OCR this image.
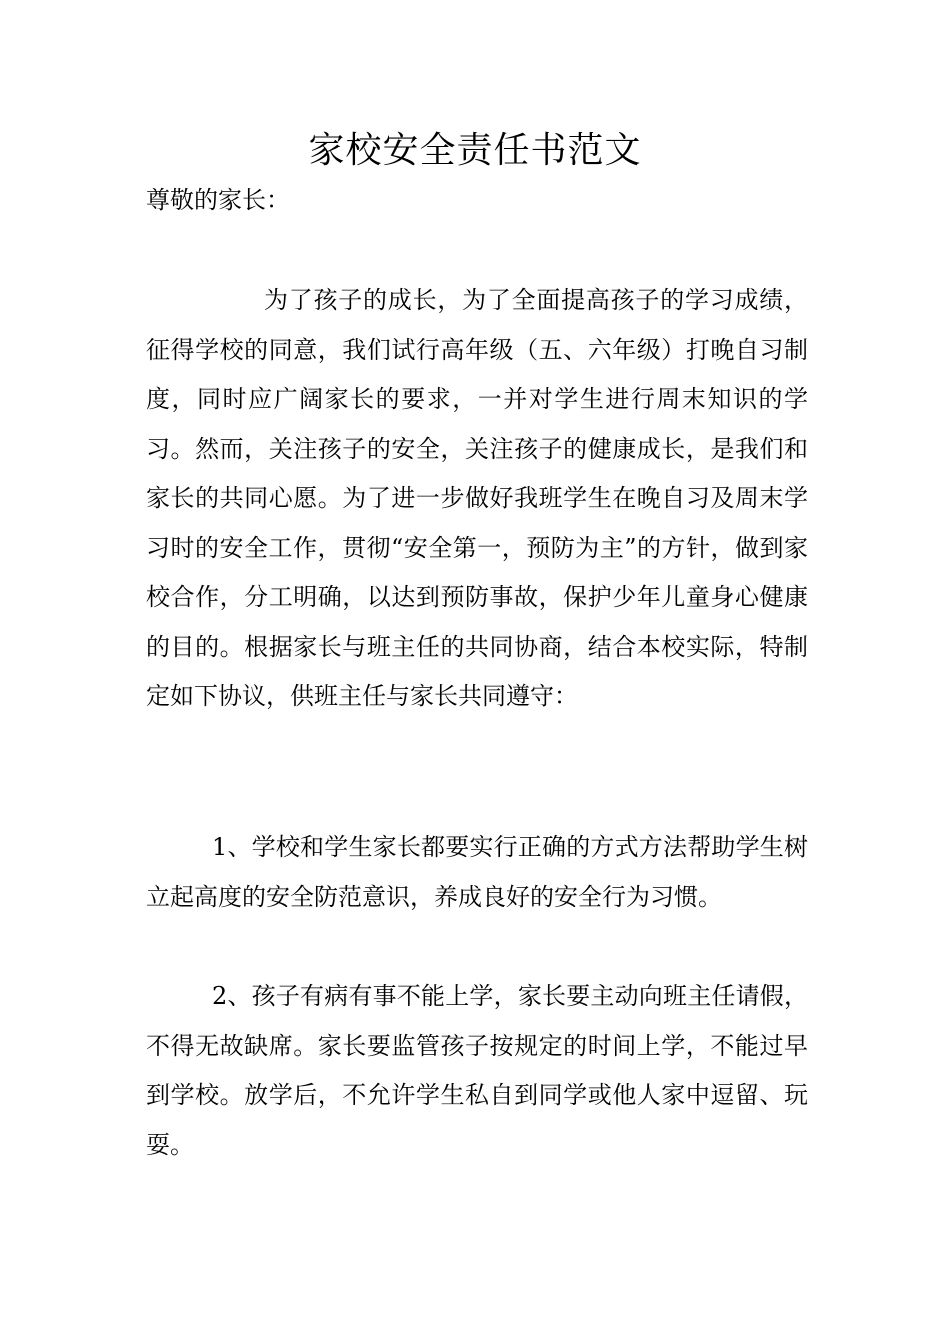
家校安全责任书范文

尊敬的家长：

为了孩子的成长，为了全面提高孩子的学习成绩，征得学校的同意，我们试行高年级（五、六年级）打晚自习制度，同时应广阔家长的要求，一并对学生进行周末知识的学习。然而，关注孩子的安全，关注孩子的健康成长，是我们和家长的共同心愿。为了进一步做好我班学生在晚自习及周末学习时的安全工作，贯彻“安全第一，预防为主”的方针，做到家校合作，分工明确，以达到预防事故，保护少年儿童身心健康的目的。根据家长与班主任的共同协商，结合本校实际，特制定如下协议，供班主任与家长共同遵守：

1、学校和学生家长都要实行正确的方式方法帮助学生树立起高度的安全防范意识，养成良好的安全行为习惯。

2、孩子有病有事不能上学，家长要主动向班主任请假，不得无故缺席。家长要监管孩子按规定的时间上学，不能过早到学校。放学后，不允许学生私自到同学或他人家中逗留、玩耍。
